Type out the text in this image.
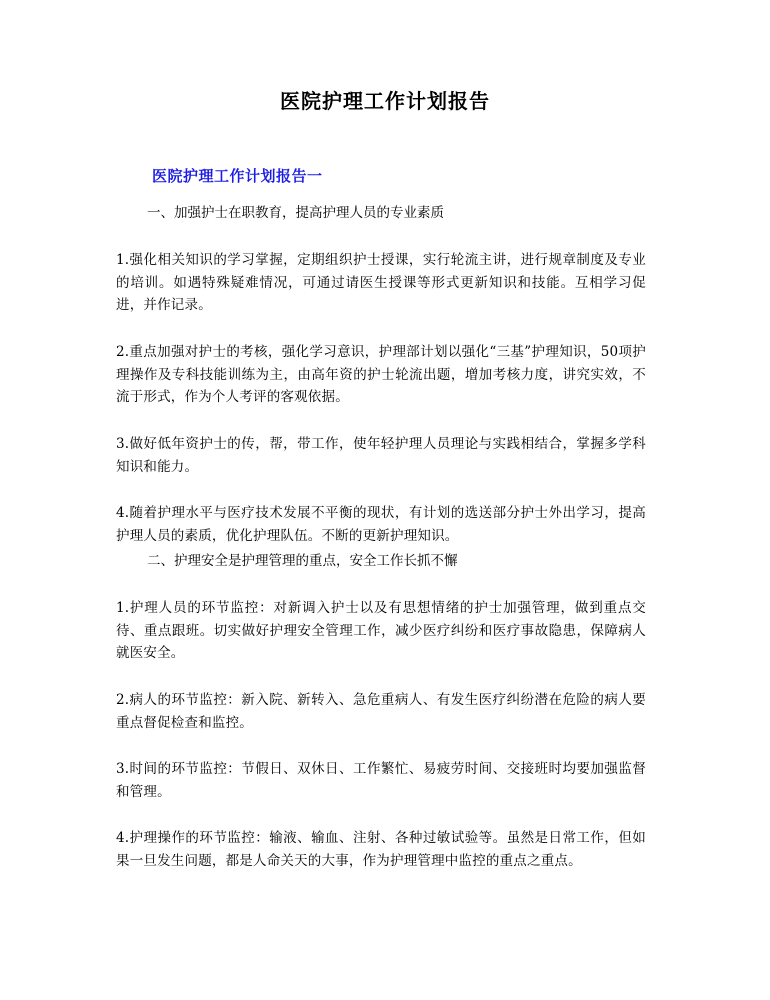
医院护理工作计划报告
医院护理工作计划报告一
一、加强护士在职教育，提高护理人员的专业素质
1.强化相关知识的学习掌握，定期组织护士授课，实行轮流主讲，进行规章制度及专业的培训。如遇特殊疑难情况，可通过请医生授课等形式更新知识和技能。互相学习促进，并作记录。
2.重点加强对护士的考核，强化学习意识，护理部计划以强化“三基”护理知识，50项护理操作及专科技能训练为主，由高年资的护士轮流出题，增加考核力度，讲究实效，不流于形式，作为个人考评的客观依据。
3.做好低年资护士的传，帮，带工作，使年轻护理人员理论与实践相结合，掌握多学科知识和能力。
4.随着护理水平与医疗技术发展不平衡的现状，有计划的选送部分护士外出学习，提高护理人员的素质，优化护理队伍。不断的更新护理知识。
二、护理安全是护理管理的重点，安全工作长抓不懈
1.护理人员的环节监控：对新调入护士以及有思想情绪的护士加强管理，做到重点交待、重点跟班。切实做好护理安全管理工作，减少医疗纠纷和医疗事故隐患，保障病人就医安全。
2.病人的环节监控：新入院、新转入、急危重病人、有发生医疗纠纷潜在危险的病人要重点督促检查和监控。
3.时间的环节监控：节假日、双休日、工作繁忙、易疲劳时间、交接班时均要加强监督和管理。
4.护理操作的环节监控：输液、输血、注射、各种过敏试验等。虽然是日常工作，但如果一旦发生问题，都是人命关天的大事，作为护理管理中监控的重点之重点。
